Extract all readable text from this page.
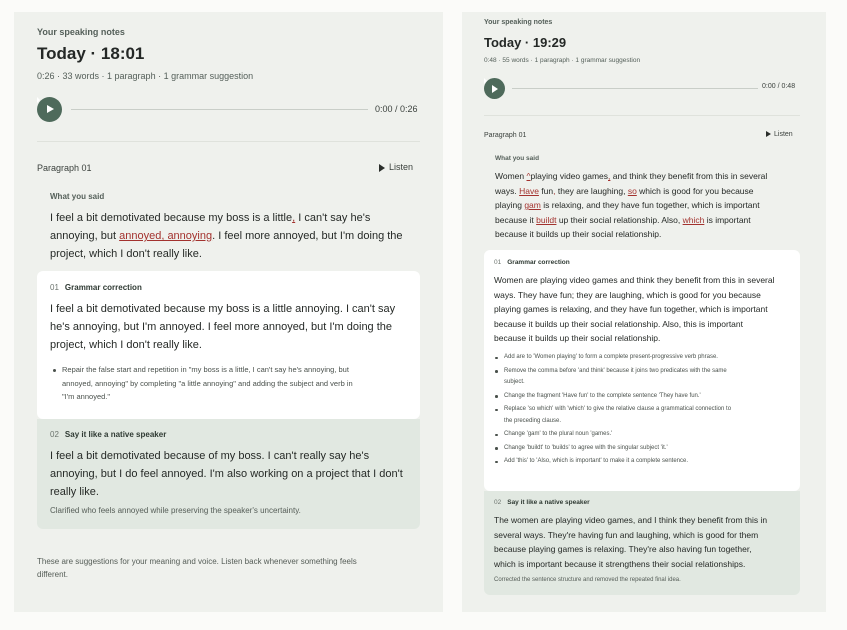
Your speaking notes
Today · 18:01
0:26 · 33 words · 1 paragraph · 1 grammar suggestion
0:00 / 0:26
Paragraph 01	Listen
What you said
I feel a bit demotivated because my boss is a little, I can't say he's
annoying, but annoyed, annoying. I feel more annoyed, but I'm doing the
project, which I don't really like.
01 Grammar correction
I feel a bit demotivated because my boss is a little annoying. I can't say
he's annoying, but I'm annoyed. I feel more annoyed, but I'm doing the
project, which I don't really like.
Repair the false start and repetition in "my boss is a little, I can't say he's annoying, but
annoyed, annoying" by completing "a little annoying" and adding the subject and verb in
"I'm annoyed."
02 Say it like a native speaker
I feel a bit demotivated because of my boss. I can't really say he's
annoying, but I do feel annoyed. I'm also working on a project that I don't
really like.
Clarified who feels annoyed while preserving the speaker's uncertainty.
These are suggestions for your meaning and voice. Listen back whenever something feels
different.
Your speaking notes
Today · 19:29
0:48 · 55 words · 1 paragraph · 1 grammar suggestion
0:00 / 0:48
Paragraph 01	Listen
What you said
Women ^playing video games, and think they benefit from this in several
ways. Have fun, they are laughing, so which is good for you because
playing gam is relaxing, and they have fun together, which is important
because it buildt up their social relationship. Also, which is important
because it builds up their social relationship.
01 Grammar correction
Women are playing video games and think they benefit from this in several
ways. They have fun; they are laughing, which is good for you because
playing games is relaxing, and they have fun together, which is important
because it builds up their social relationship. Also, this is important
because it builds up their social relationship.
Add are to 'Women playing' to form a complete present-progressive verb phrase.
Remove the comma before 'and think' because it joins two predicates with the same
subject.
Change the fragment 'Have fun' to the complete sentence 'They have fun.'
Replace 'so which' with 'which' to give the relative clause a grammatical connection to
the preceding clause.
Change 'gam' to the plural noun 'games.'
Change 'buildt' to 'builds' to agree with the singular subject 'it.'
Add 'this' to 'Also, which is important' to make it a complete sentence.
02 Say it like a native speaker
The women are playing video games, and I think they benefit from this in
several ways. They're having fun and laughing, which is good for them
because playing games is relaxing. They're also having fun together,
which is important because it strengthens their social relationships.
Corrected the sentence structure and removed the repeated final idea.
